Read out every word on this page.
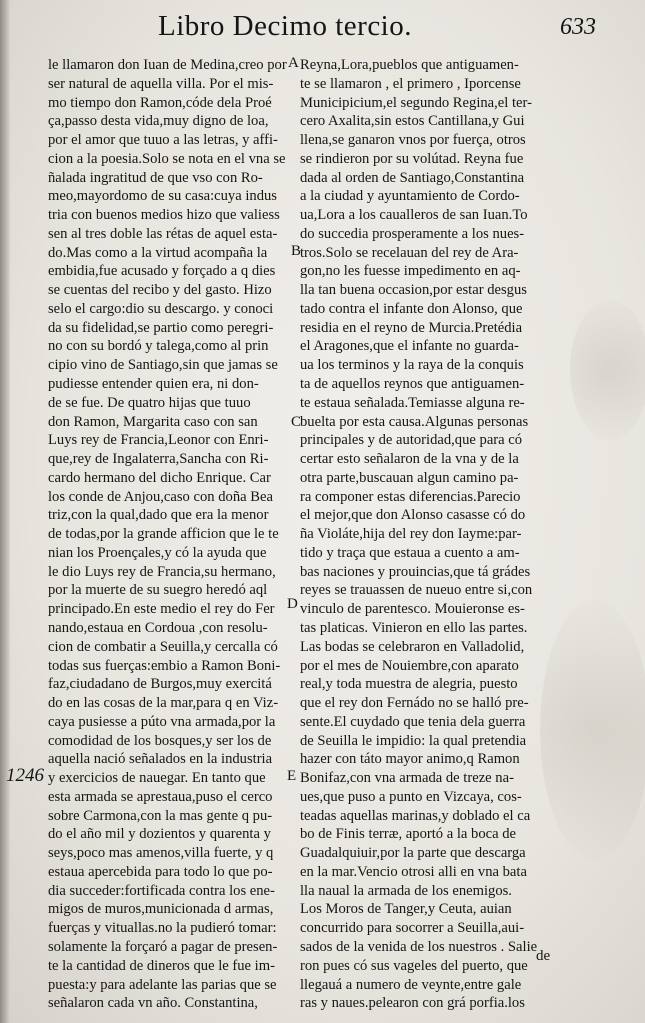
Libro Decimo tercio.	633
le llamaron don Iuan de Medina,creo por
ser natural de aquella villa. Por el mis-
mo tiempo don Ramon,códe dela Proé
ça,passo desta vida,muy digno de loa,
por el amor que tuuo a las letras, y affi-
cion a la poesia.Solo se nota en el vna se
ñalada ingratitud de que vso con Ro-
meo,mayordomo de su casa:cuya indus
tria con buenos medios hizo que valiess
sen al tres doble las rétas de aquel esta-
do.Mas como a la virtud acompaña la
embidia,fue acusado y forçado a q dies
se cuentas del recibo y del gasto. Hizo
selo el cargo:dio su descargo. y conoci
da su fidelidad,se partio como peregri-
no con su bordó y talega,como al prin
cipio vino de Santiago,sin que jamas se
pudiesse entender quien era, ni don-
de se fue. De quatro hijas que tuuo
don Ramon, Margarita caso con san
Luys rey de Francia,Leonor con Enri-
que,rey de Ingalaterra,Sancha con Ri-
cardo hermano del dicho Enrique. Car
los conde de Anjou,caso con doña Bea
triz,con la qual,dado que era la menor
de todas,por la grande afficion que le te
nian los Proençales,y có la ayuda que
le dio Luys rey de Francia,su hermano,
por la muerte de su suegro heredó aql
principado.En este medio el rey do Fer
nando,estaua en Cordoua ,con resolu-
cion de combatir a Seuilla,y cercalla có
todas sus fuerças:embio a Ramon Boni-
faz,ciudadano de Burgos,muy exercitá
do en las cosas de la mar,para q en Viz-
caya pusiesse a púto vna armada,por la
comodidad de los bosques,y ser los de
aquella nació señalados en la industria
y exercicios de nauegar. En tanto que
esta armada se aprestaua,puso el cerco
sobre Carmona,con la mas gente q pu-
do el año mil y dozientos y quarenta y
seys,poco mas amenos,villa fuerte, y q
estaua apercebida para todo lo que po-
dia succeder:fortificada contra los ene-
migos de muros,municionada d armas,
fuerças y vituallas.no la pudieró tomar:
solamente la forçaró a pagar de presen-
te la cantidad de dineros que le fue im-
puesta:y para adelante las parias que se
señalaron cada vn año. Constantina,
Reyna,Lora,pueblos que antiguamen-
te se llamaron , el primero , Iporcense
Municipicium,el segundo Regina,el ter-
cero Axalita,sin estos Cantillana,y Gui
llena,se ganaron vnos por fuerça, otros
se rindieron por su volútad. Reyna fue
dada al orden de Santiago,Constantina
a la ciudad y ayuntamiento de Cordo-
ua,Lora a los caualleros de san Iuan.To
do succedia prosperamente a los nues-
tros.Solo se recelauan del rey de Ara-
gon,no les fuesse impedimento en aq-
lla tan buena occasion,por estar desgus
tado contra el infante don Alonso, que
residia en el reyno de Murcia.Pretédia
el Aragones,que el infante no guarda-
ua los terminos y la raya de la conquis
ta de aquellos reynos que antiguamen-
te estaua señalada.Temiasse alguna re-
buelta por esta causa.Algunas personas
principales y de autoridad,que para có
certar esto señalaron de la vna y de la
otra parte,buscauan algun camino pa-
ra componer estas diferencias.Parecio
el mejor,que don Alonso casasse có do
ña Violáte,hija del rey don Iayme:par-
tido y traça que estaua a cuento a am-
bas naciones y prouincias,que tá grádes
reyes se trauassen de nueuo entre si,con
vinculo de parentesco. Mouieronse es-
tas platicas. Vinieron en ello las partes.
Las bodas se celebraron en Valladolid,
por el mes de Nouiembre,con aparato
real,y toda muestra de alegria, puesto
que el rey don Fernádo no se halló pre-
sente.El cuydado que tenia dela guerra
de Seuilla le impidio: la qual pretendia
hazer con táto mayor animo,q Ramon
Bonifaz,con vna armada de treze na-
ues,que puso a punto en Vizcaya, cos-
teadas aquellas marinas,y doblado el ca
bo de Finis terræ, aportó a la boca de
Guadalquiuir,por la parte que descarga
en la mar.Vencio otrosi alli en vna bata
lla naual la armada de los enemigos.
Los Moros de Tanger,y Ceuta, auian
concurrido para socorrer a Seuilla,aui-
sados de la venida de los nuestros . Salie
ron pues có sus vageles del puerto, que
llegauá a numero de veynte,entre gale
ras y naues.pelearon con grá porfia.los
A
B
C
D
E
1246
de
